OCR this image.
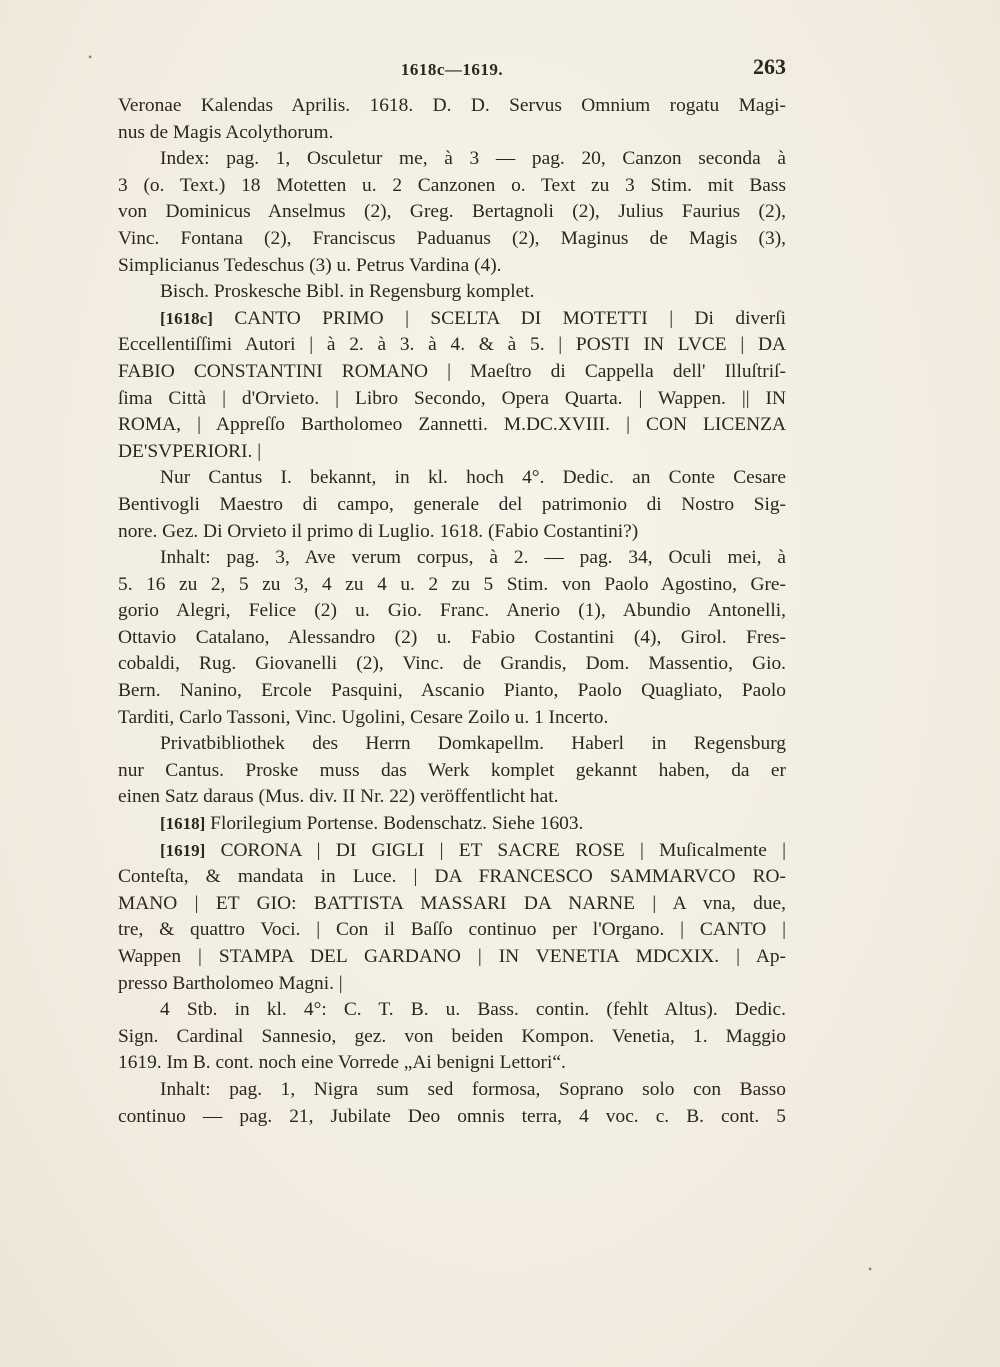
1618c—1619.	263
Veronae Kalendas Aprilis. 1618. D. D. Servus Omnium rogatu Magi-
nus de Magis Acolythorum.
Index: pag. 1, Osculetur me, à 3 — pag. 20, Canzon seconda à
3 (o. Text.) 18 Motetten u. 2 Canzonen o. Text zu 3 Stim. mit Bass
von Dominicus Anselmus (2), Greg. Bertagnoli (2), Julius Faurius (2),
Vinc. Fontana (2), Franciscus Paduanus (2), Maginus de Magis (3),
Simplicianus Tedeschus (3) u. Petrus Vardina (4).
Bisch. Proskesche Bibl. in Regensburg komplet.
[1618c] CANTO PRIMO | SCELTA DI MOTETTI | Di diverſi
Eccellentiſſimi Autori | à 2. à 3. à 4. & à 5. | POSTI IN LVCE | DA
FABIO CONSTANTINI ROMANO | Maeſtro di Cappella dell' Illuſtriſ-
ſima Città | d'Orvieto. | Libro Secondo, Opera Quarta. | Wappen. || IN
ROMA, | Appreſſo Bartholomeo Zannetti. M.DC.XVIII. | CON LICENZA
DE'SVPERIORI. |
Nur Cantus I. bekannt, in kl. hoch 4°. Dedic. an Conte Cesare
Bentivogli Maestro di campo, generale del patrimonio di Nostro Sig-
nore. Gez. Di Orvieto il primo di Luglio. 1618. (Fabio Costantini?)
Inhalt: pag. 3, Ave verum corpus, à 2. — pag. 34, Oculi mei, à
5. 16 zu 2, 5 zu 3, 4 zu 4 u. 2 zu 5 Stim. von Paolo Agostino, Gre-
gorio Alegri, Felice (2) u. Gio. Franc. Anerio (1), Abundio Antonelli,
Ottavio Catalano, Alessandro (2) u. Fabio Costantini (4), Girol. Fres-
cobaldi, Rug. Giovanelli (2), Vinc. de Grandis, Dom. Massentio, Gio.
Bern. Nanino, Ercole Pasquini, Ascanio Pianto, Paolo Quagliato, Paolo
Tarditi, Carlo Tassoni, Vinc. Ugolini, Cesare Zoilo u. 1 Incerto.
Privatbibliothek des Herrn Domkapellm. Haberl in Regensburg
nur Cantus. Proske muss das Werk komplet gekannt haben, da er
einen Satz daraus (Mus. div. II Nr. 22) veröffentlicht hat.
[1618] Florilegium Portense. Bodenschatz. Siehe 1603.
[1619] CORONA | DI GIGLI | ET SACRE ROSE | Muſicalmente |
Conteſta, & mandata in Luce. | DA FRANCESCO SAMMARVCO RO-
MANO | ET GIO: BATTISTA MASSARI DA NARNE | A vna, due,
tre, & quattro Voci. | Con il Baſſo continuo per l'Organo. | CANTO |
Wappen | STAMPA DEL GARDANO | IN VENETIA MDCXIX. | Ap-
presso Bartholomeo Magni. |
4 Stb. in kl. 4°: C. T. B. u. Bass. contin. (fehlt Altus). Dedic.
Sign. Cardinal Sannesio, gez. von beiden Kompon. Venetia, 1. Maggio
1619. Im B. cont. noch eine Vorrede „Ai benigni Lettori“.
Inhalt: pag. 1, Nigra sum sed formosa, Soprano solo con Basso
continuo — pag. 21, Jubilate Deo omnis terra, 4 voc. c. B. cont. 5
•
•
